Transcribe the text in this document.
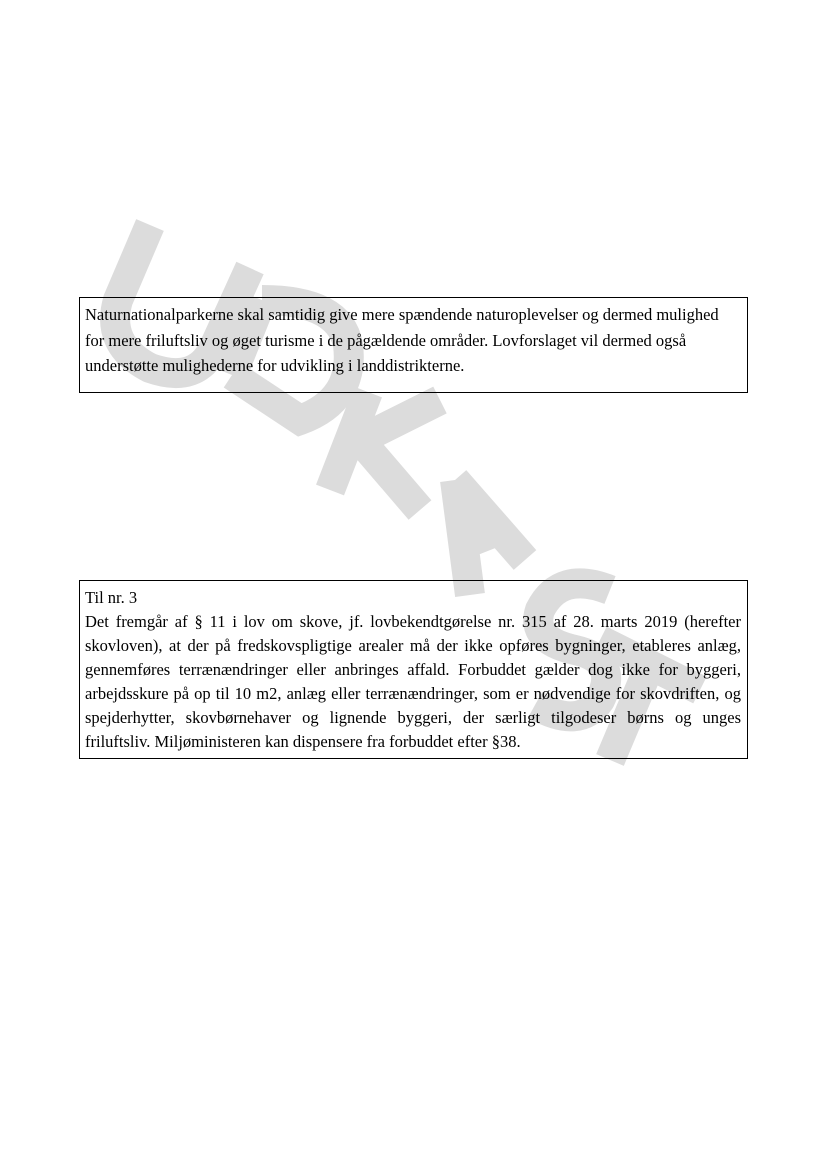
Naturnationalparkerne skal samtidig give mere spændende naturoplevelser og dermed mulighed for mere friluftsliv og øget turisme i de pågældende områder. Lovforslaget vil dermed også understøtte mulighederne for udvikling i landdistrikterne.

Til nr. 3

Det fremgår af § 11 i lov om skove, jf. lovbekendtgørelse nr. 315 af 28. marts 2019 (herefter skovloven), at der på fredskovspligtige arealer må der ikke opføres bygninger, etableres anlæg, gennemføres terrænændringer eller anbringes affald. Forbuddet gælder dog ikke for byggeri, arbejdsskure på op til 10 m2, anlæg eller terrænændringer, som er nødvendige for skovdriften, og spejderhytter, skovbørnehaver og lignende byggeri, der særligt tilgodeser børns og unges friluftsliv. Miljøministeren kan dispensere fra forbuddet efter §38.
